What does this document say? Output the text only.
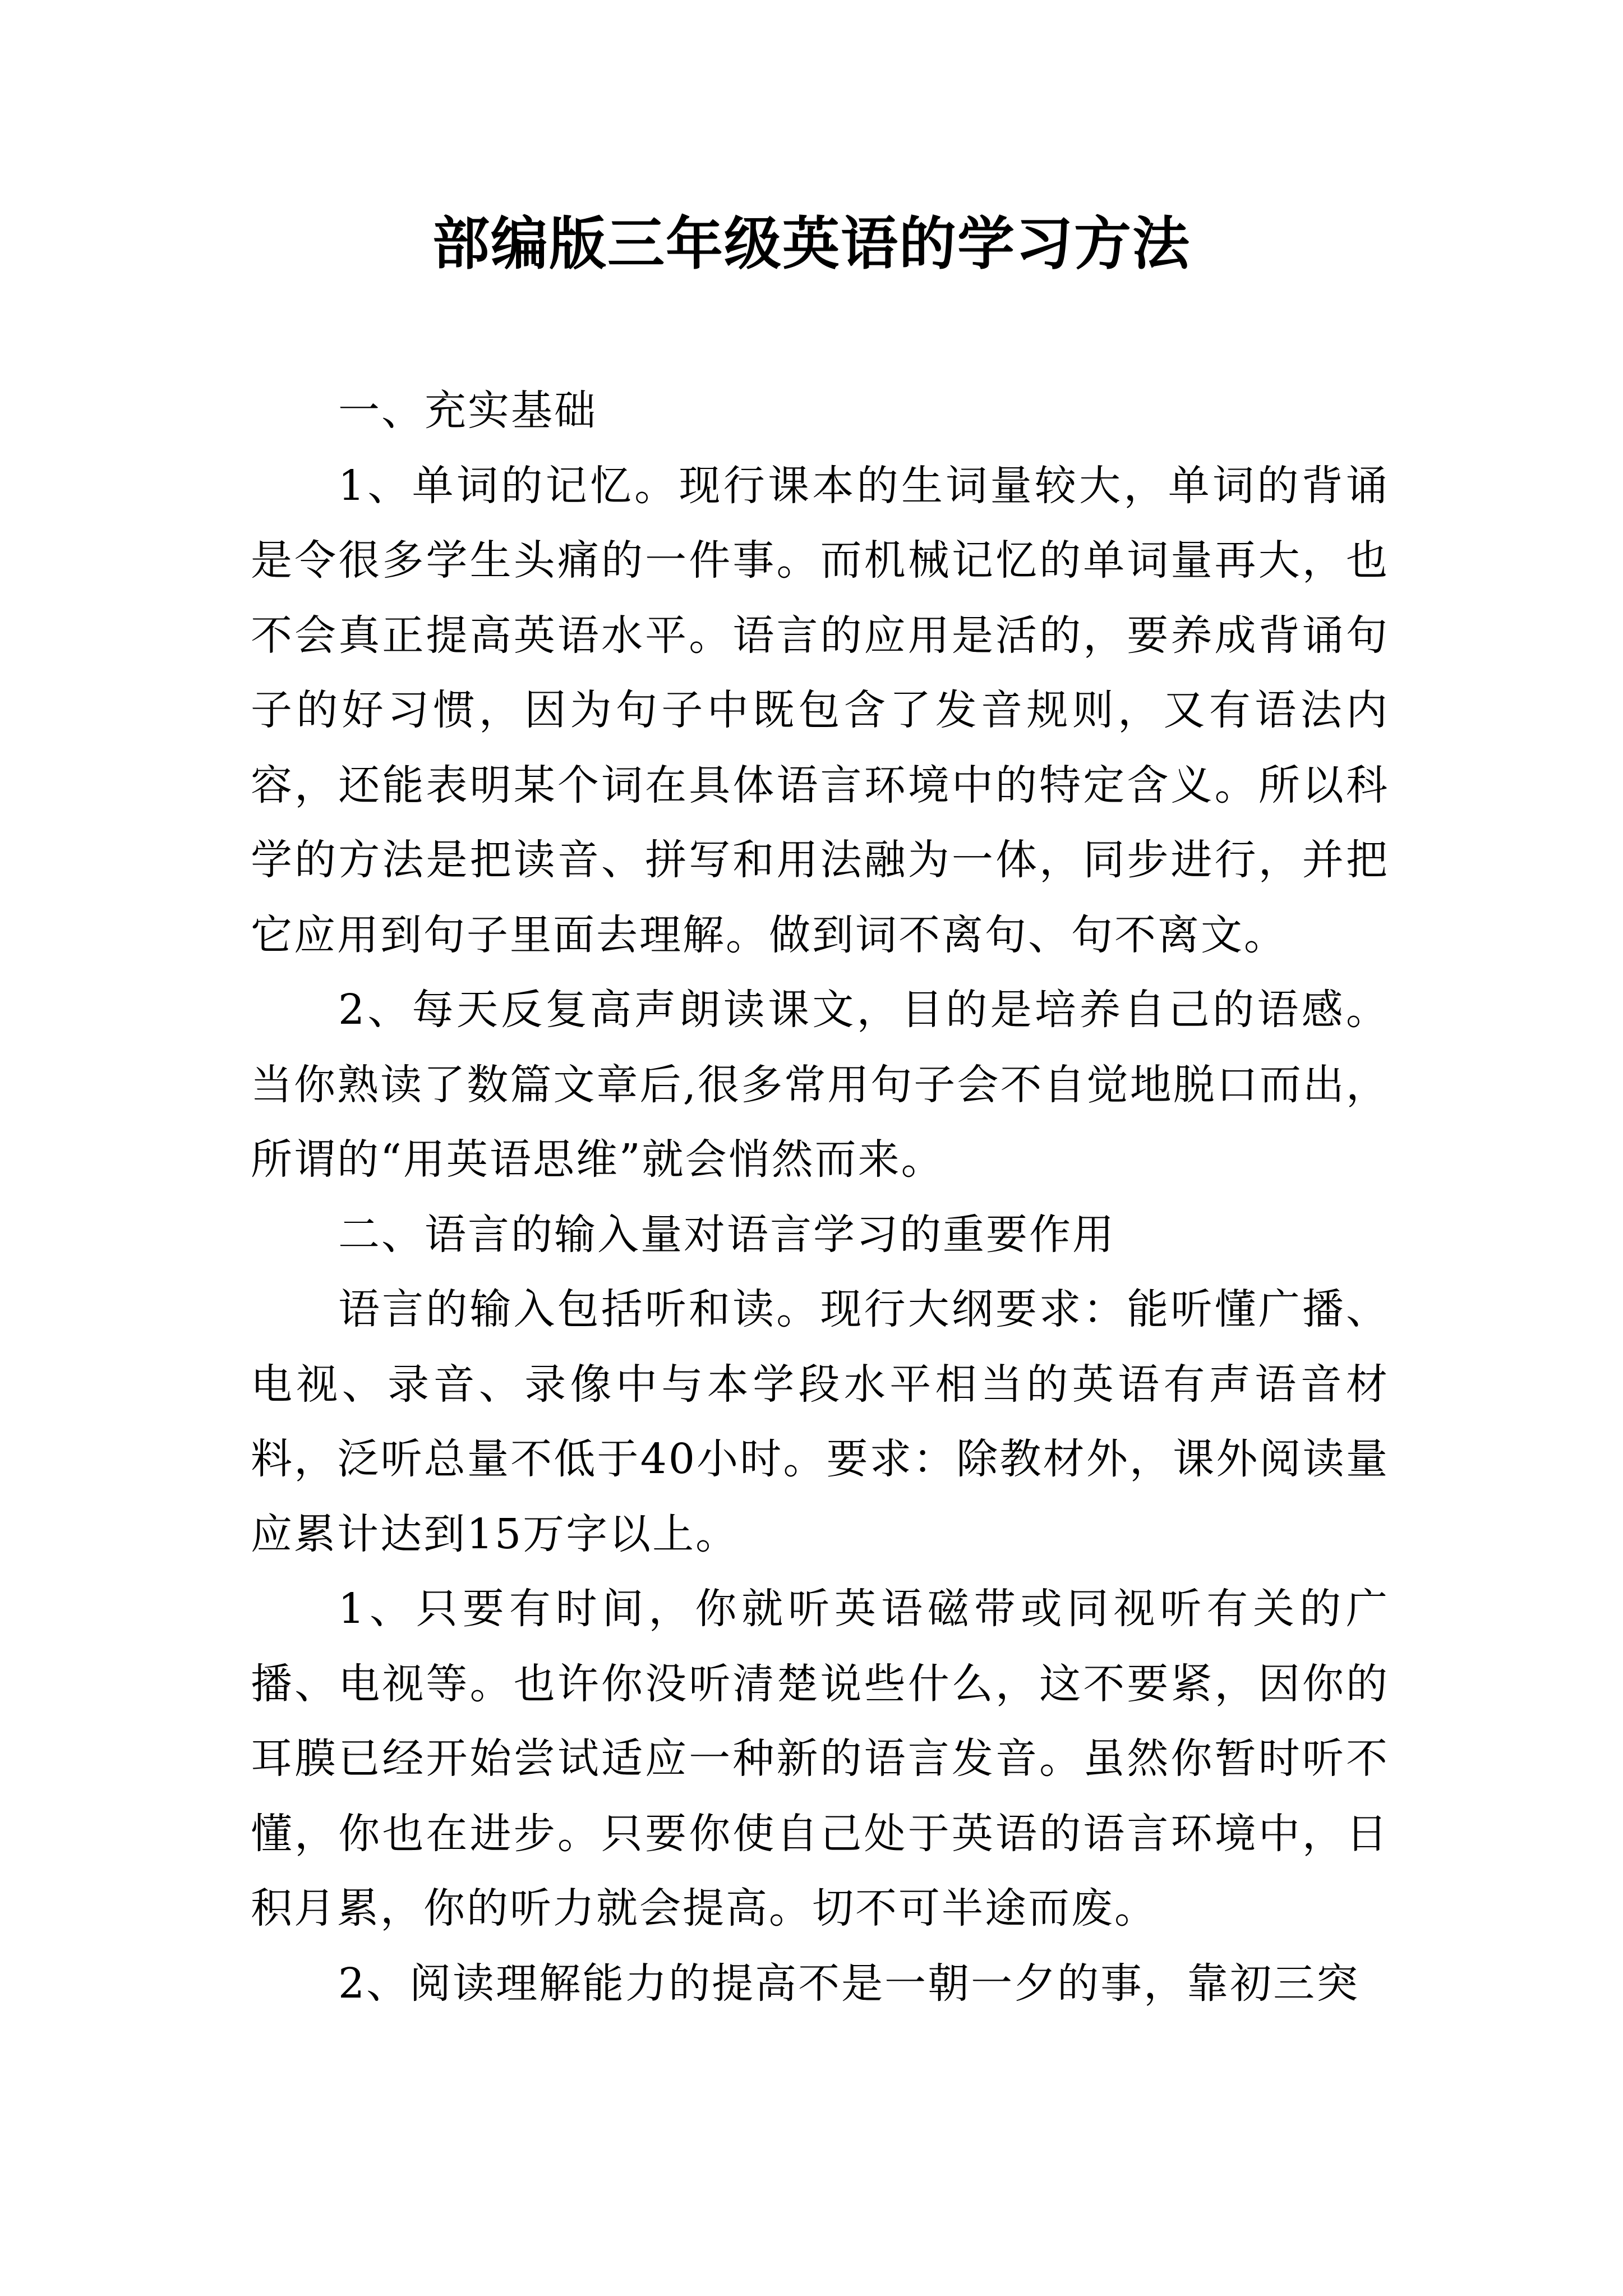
部编版三年级英语的学习方法

一、充实基础

1、单词的记忆。现行课本的生词量较大，单词的背诵是令很多学生头痛的一件事。而机械记忆的单词量再大，也不会真正提高英语水平。语言的应用是活的，要养成背诵句子的好习惯，因为句子中既包含了发音规则，又有语法内容，还能表明某个词在具体语言环境中的特定含义。所以科学的方法是把读音、拼写和用法融为一体，同步进行，并把它应用到句子里面去理解。做到词不离句、句不离文。

2、每天反复高声朗读课文，目的是培养自己的语感。当你熟读了数篇文章后,很多常用句子会不自觉地脱口而出，所谓的“用英语思维”就会悄然而来。

二、语言的输入量对语言学习的重要作用

语言的输入包括听和读。现行大纲要求：能听懂广播、电视、录音、录像中与本学段水平相当的英语有声语音材料，泛听总量不低于40小时。要求：除教材外，课外阅读量应累计达到15万字以上。

1、只要有时间，你就听英语磁带或同视听有关的广播、电视等。也许你没听清楚说些什么，这不要紧，因你的耳膜已经开始尝试适应一种新的语言发音。虽然你暂时听不懂，你也在进步。只要你使自己处于英语的语言环境中，日积月累，你的听力就会提高。切不可半途而废。

2、阅读理解能力的提高不是一朝一夕的事，靠初三突
